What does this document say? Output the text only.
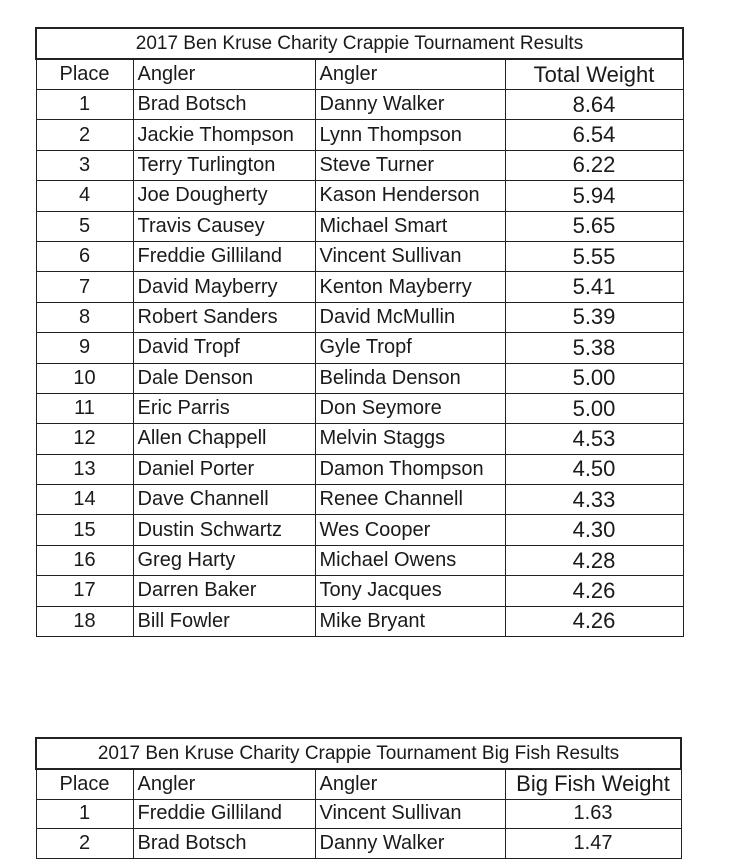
2017 Ben Kruse Charity Crappie Tournament Results			
Place	Angler	Angler	Total Weight
1	Brad Botsch	Danny Walker	8.64
2	Jackie Thompson	Lynn Thompson	6.54
3	Terry Turlington	Steve Turner	6.22
4	Joe Dougherty	Kason Henderson	5.94
5	Travis Causey	Michael Smart	5.65
6	Freddie Gilliland	Vincent Sullivan	5.55
7	David Mayberry	Kenton Mayberry	5.41
8	Robert Sanders	David McMullin	5.39
9	David Tropf	Gyle Tropf	5.38
10	Dale Denson	Belinda Denson	5.00
11	Eric Parris	Don Seymore	5.00
12	Allen Chappell	Melvin Staggs	4.53
13	Daniel Porter	Damon Thompson	4.50
14	Dave Channell	Renee Channell	4.33
15	Dustin Schwartz	Wes Cooper	4.30
16	Greg Harty	Michael Owens	4.28
17	Darren Baker	Tony Jacques	4.26
18	Bill Fowler	Mike Bryant	4.26
2017 Ben Kruse Charity Crappie Tournament Big Fish Results			
Place	Angler	Angler	Big Fish Weight
1	Freddie Gilliland	Vincent Sullivan	1.63
2	Brad Botsch	Danny Walker	1.47
